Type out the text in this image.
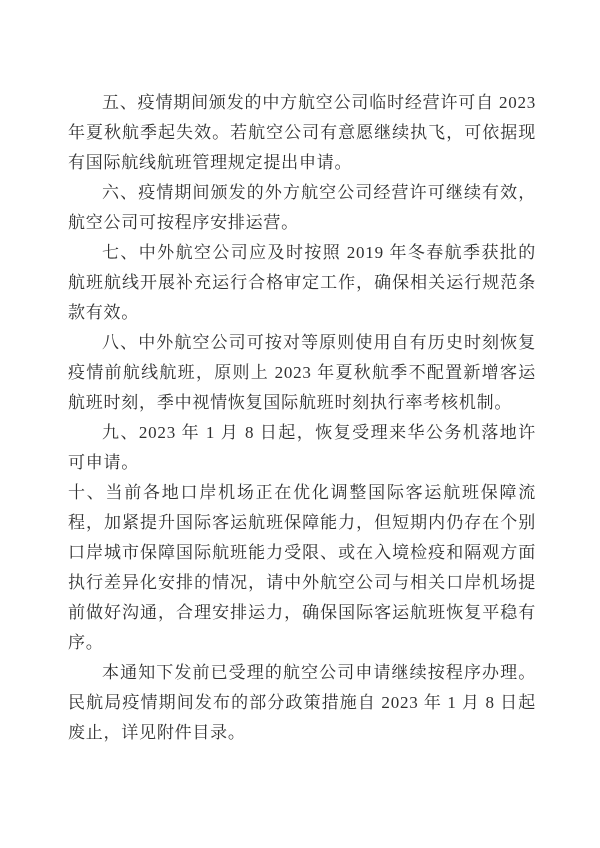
五、疫情期间颁发的中方航空公司临时经营许可自 2023 年夏秋航季起失效。若航空公司有意愿继续执飞，可依据现有国际航线航班管理规定提出申请。

六、疫情期间颁发的外方航空公司经营许可继续有效，航空公司可按程序安排运营。

七、中外航空公司应及时按照 2019 年冬春航季获批的航班航线开展补充运行合格审定工作，确保相关运行规范条款有效。

八、中外航空公司可按对等原则使用自有历史时刻恢复疫情前航线航班，原则上 2023 年夏秋航季不配置新增客运航班时刻，季中视情恢复国际航班时刻执行率考核机制。

九、2023 年 1 月 8 日起，恢复受理来华公务机落地许可申请。

十、当前各地口岸机场正在优化调整国际客运航班保障流程，加紧提升国际客运航班保障能力，但短期内仍存在个别口岸城市保障国际航班能力受限、或在入境检疫和隔观方面执行差异化安排的情况，请中外航空公司与相关口岸机场提前做好沟通，合理安排运力，确保国际客运航班恢复平稳有序。

本通知下发前已受理的航空公司申请继续按程序办理。民航局疫情期间发布的部分政策措施自 2023 年 1 月 8 日起废止，详见附件目录。
